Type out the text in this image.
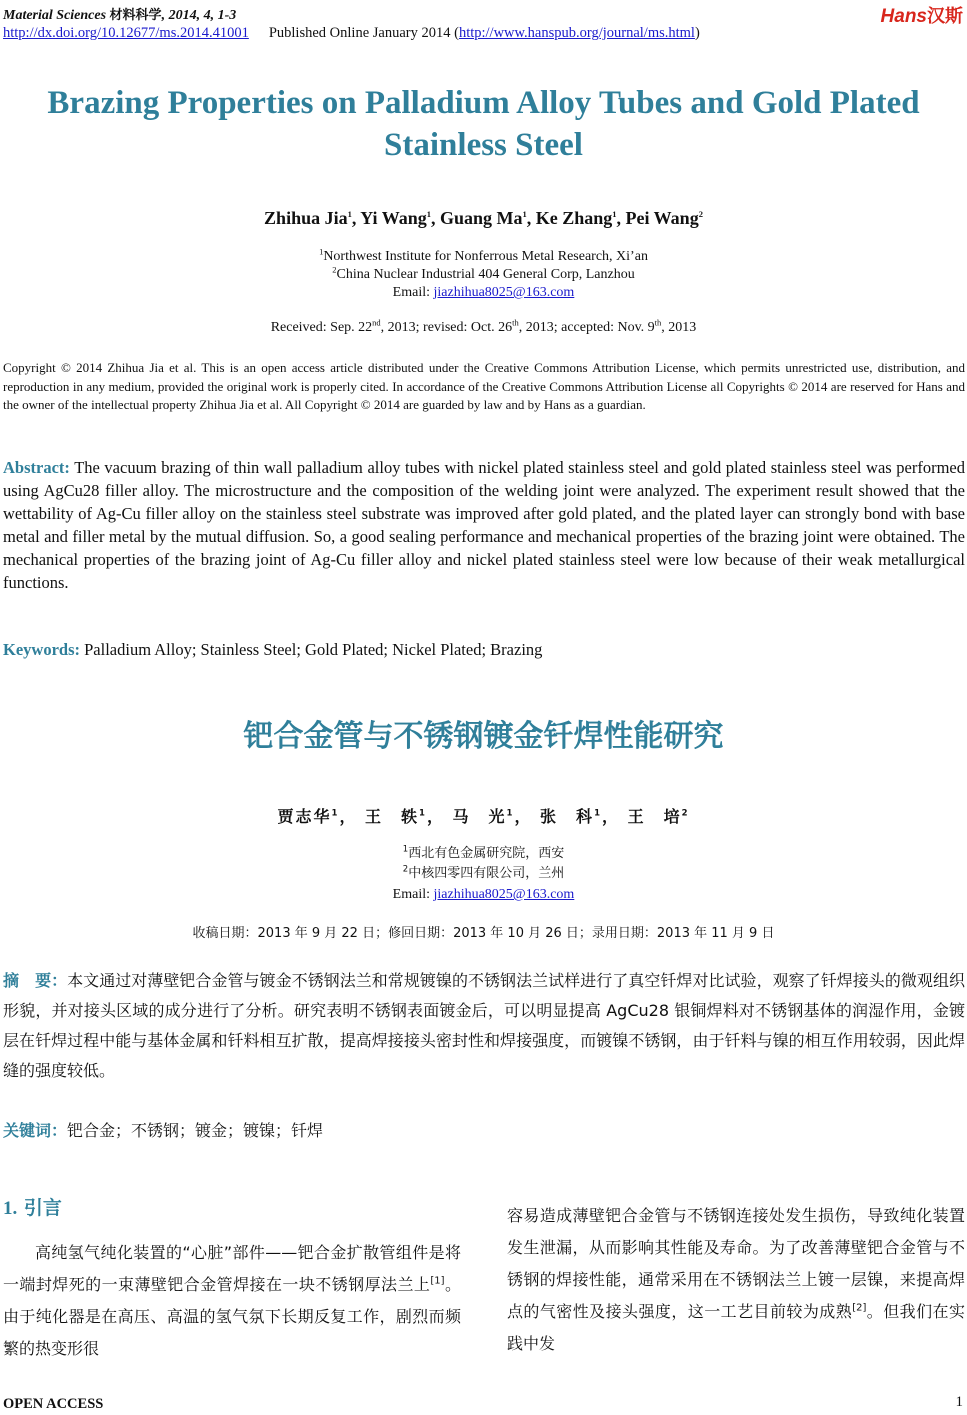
Material Sciences 材料科学, 2014, 4, 1-3	Hans汉斯
http://dx.doi.org/10.12677/ms.2014.41001 Published Online January 2014 (http://www.hanspub.org/journal/ms.html)
Brazing Properties on Palladium Alloy Tubes and Gold Plated Stainless Steel
Zhihua Jia$^1$, Yi Wang$^1$, Guang Ma$^1$, Ke Zhang$^1$, Pei Wang$^2$
$^1$Northwest Institute for Nonferrous Metal Research, Xi’an
$^2$China Nuclear Industrial 404 General Corp, Lanzhou
Email: jiazhihua8025@163.com
Received: Sep. 22nd, 2013; revised: Oct. 26th, 2013; accepted: Nov. 9th, 2013
Copyright © 2014 Zhihua Jia et al. This is an open access article distributed under the Creative Commons Attribution License, which permits unrestricted use, distribution, and reproduction in any medium, provided the original work is properly cited. In accordance of the Creative Commons Attribution License all Copyrights © 2014 are reserved for Hans and the owner of the intellectual property Zhihua Jia et al. All Copyright © 2014 are guarded by law and by Hans as a guardian.
Abstract: The vacuum brazing of thin wall palladium alloy tubes with nickel plated stainless steel and gold plated stainless steel was performed using AgCu28 filler alloy. The microstructure and the composition of the welding joint were analyzed. The experiment result showed that the wettability of Ag-Cu filler alloy on the stainless steel substrate was improved after gold plated, and the plated layer can strongly bond with base metal and filler metal by the mutual diffusion. So, a good sealing performance and mechanical properties of the brazing joint were obtained. The mechanical properties of the brazing joint of Ag-Cu filler alloy and nickel plated stainless steel were low because of their weak metallurgical functions.
Keywords: Palladium Alloy; Stainless Steel; Gold Plated; Nickel Plated; Brazing
钯合金管与不锈钢镀金钎焊性能研究
贾志华$^1$， 王　轶$^1$， 马　光$^1$， 张　科$^1$， 王　培$^2$
$^1$西北有色金属研究院，西安
$^2$中核四零四有限公司，兰州
Email: jiazhihua8025@163.com
收稿日期：2013 年 9 月 22 日；修回日期：2013 年 10 月 26 日；录用日期：2013 年 11 月 9 日
摘　要：本文通过对薄壁钯合金管与镀金不锈钢法兰和常规镀镍的不锈钢法兰试样进行了真空钎焊对比试验，观察了钎焊接头的微观组织形貌，并对接头区域的成分进行了分析。研究表明不锈钢表面镀金后，可以明显提高 AgCu28 银铜焊料对不锈钢基体的润湿作用，金镀层在钎焊过程中能与基体金属和钎料相互扩散，提高焊接接头密封性和焊接强度，而镀镍不锈钢，由于钎料与镍的相互作用较弱，因此焊缝的强度较低。
关键词：钯合金；不锈钢；镀金；镀镍；钎焊
1. 引言
高纯氢气纯化装置的“心脏”部件——钯合金扩散管组件是将一端封焊死的一束薄壁钯合金管焊接在一块不锈钢厚法兰上[1]。由于纯化器是在高压、高温的氢气氛下长期反复工作，剧烈而频繁的热变形很
容易造成薄壁钯合金管与不锈钢连接处发生损伤，导致纯化装置发生泄漏，从而影响其性能及寿命。为了改善薄壁钯合金管与不锈钢的焊接性能，通常采用在不锈钢法兰上镀一层镍，来提高焊点的气密性及接头强度，这一工艺目前较为成熟[2]。但我们在实践中发
OPEN ACCESS	1
